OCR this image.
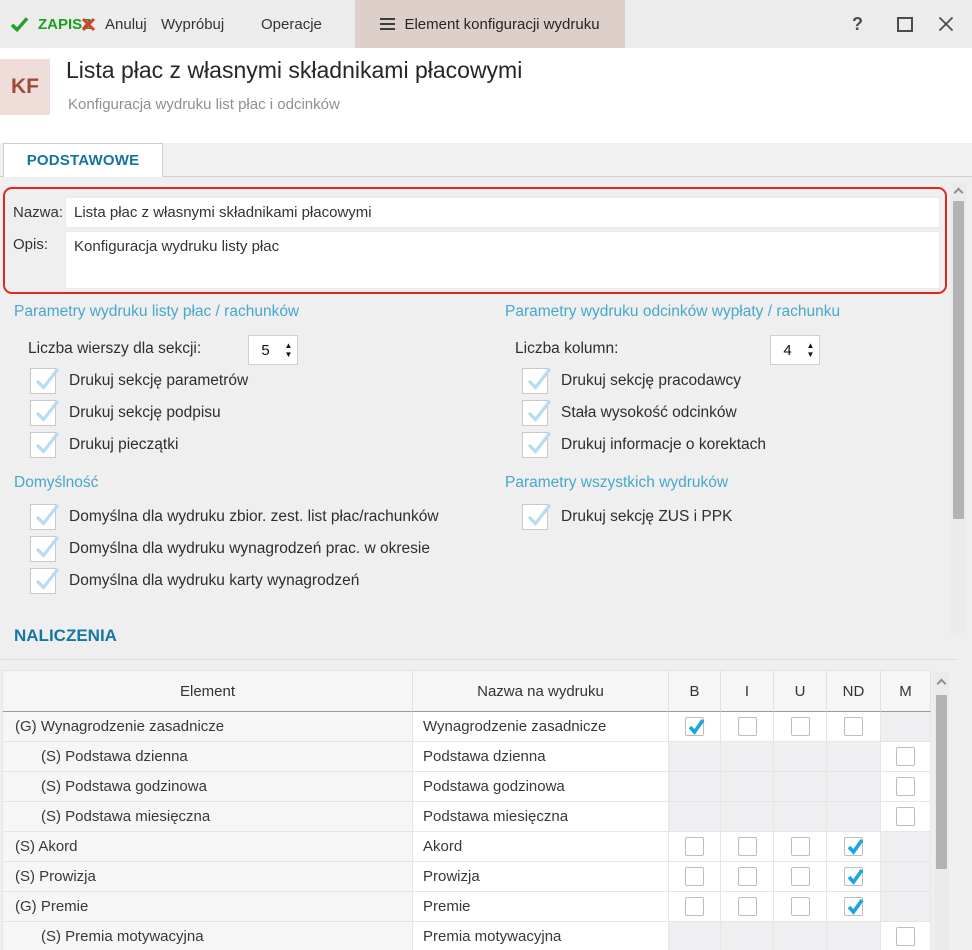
ZAPISZ Anuluj Wypróbuj Operacje	Element konfiguracji wydruku	?
KF
Lista płac z własnymi składnikami płacowymi
Konfiguracja wydruku list płac i odcinków
PODSTAWOWE
Nazwa:
Lista płac z własnymi składnikami płacowymi
Opis:
Konfiguracja wydruku listy płac
Parametry wydruku listy płac / rachunków	Parametry wydruku odcinków wypłaty / rachunku
Liczba wierszy dla sekcji:	5	▲
▼	Liczba kolumn:	4	▲
▼
Drukuj sekcję parametrów
Drukuj sekcję podpisu
Drukuj pieczątki
Drukuj sekcję pracodawcy
Stała wysokość odcinków
Drukuj informacje o korektach
Domyślność	Parametry wszystkich wydruków
Domyślna dla wydruku zbior. zest. list płac/rachunków
Domyślna dla wydruku wynagrodzeń prac. w okresie
Domyślna dla wydruku karty wynagrodzeń
Drukuj sekcję ZUS i PPK
NALICZENIA
Element	Nazwa na wydruku	B	I	U	ND	M
(G) Wynagrodzenie zasadnicze	Wynagrodzenie zasadnicze
(S) Podstawa dzienna	Podstawa dzienna
(S) Podstawa godzinowa	Podstawa godzinowa
(S) Podstawa miesięczna	Podstawa miesięczna
(S) Akord	Akord
(S) Prowizja	Prowizja
(G) Premie	Premie
(S) Premia motywacyjna	Premia motywacyjna
